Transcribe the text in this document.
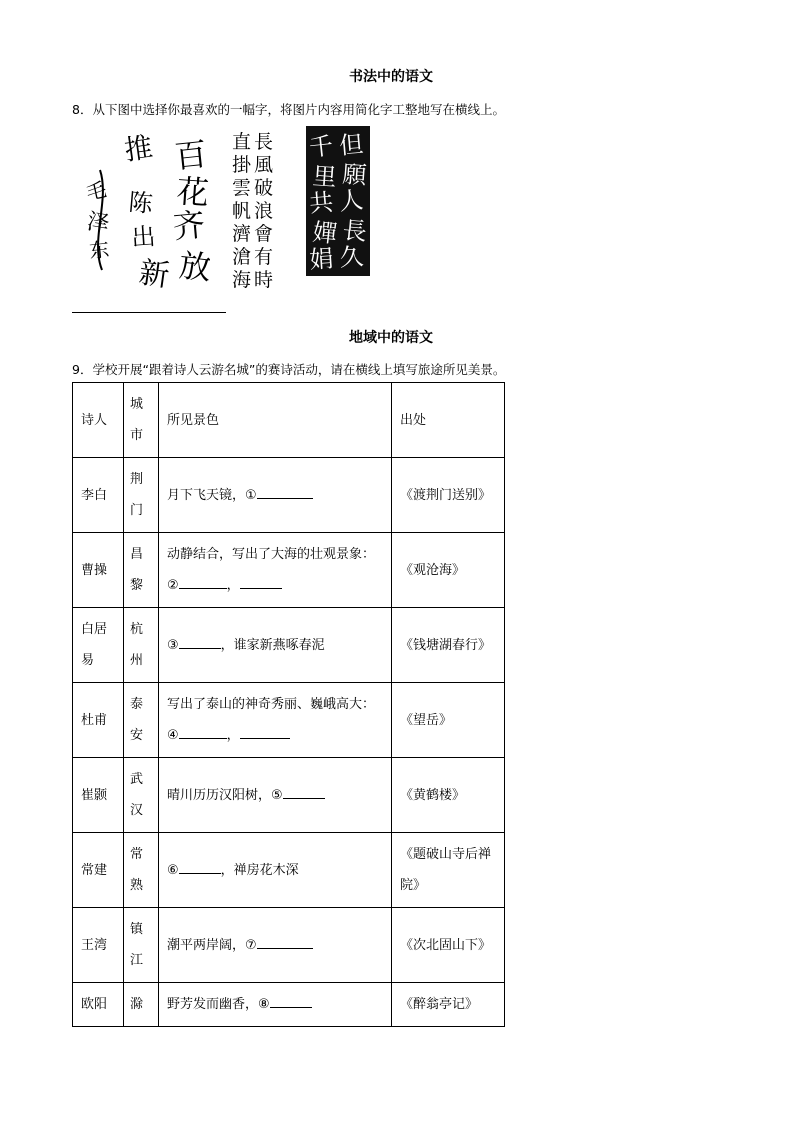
书法中的语文
8．从下图中选择你最喜欢的一幅字，将图片内容用简化字工整地写在横线上。
百
花
齐
放
推
陈
出
新
毛
泽
东
長
風
破
浪
會
有
時
直
掛
雲
帆
濟
滄
海
但
願
人
長
久
千
里
共
嬋
娟
地域中的语文
9．学校开展“跟着诗人云游名城”的赛诗活动，请在横线上填写旅途所见美景。
诗人	城市	所见景色	出处
李白	荆门	月下飞天镜，①	《渡荆门送别》
曹操	昌黎	动静结合，写出了大海的壮观景象：② ，	《观沧海》
白居易	杭州	③ ，谁家新燕啄春泥	《钱塘湖春行》
杜甫	泰安	写出了泰山的神奇秀丽、巍峨高大：④ ，	《望岳》
崔颢	武汉	晴川历历汉阳树，⑤	《黄鹤楼》
常建	常熟	⑥ ，禅房花木深	《题破山寺后禅院》
王湾	镇江	潮平两岸阔，⑦	《次北固山下》
欧阳	滁	野芳发而幽香，⑧	《醉翁亭记》
